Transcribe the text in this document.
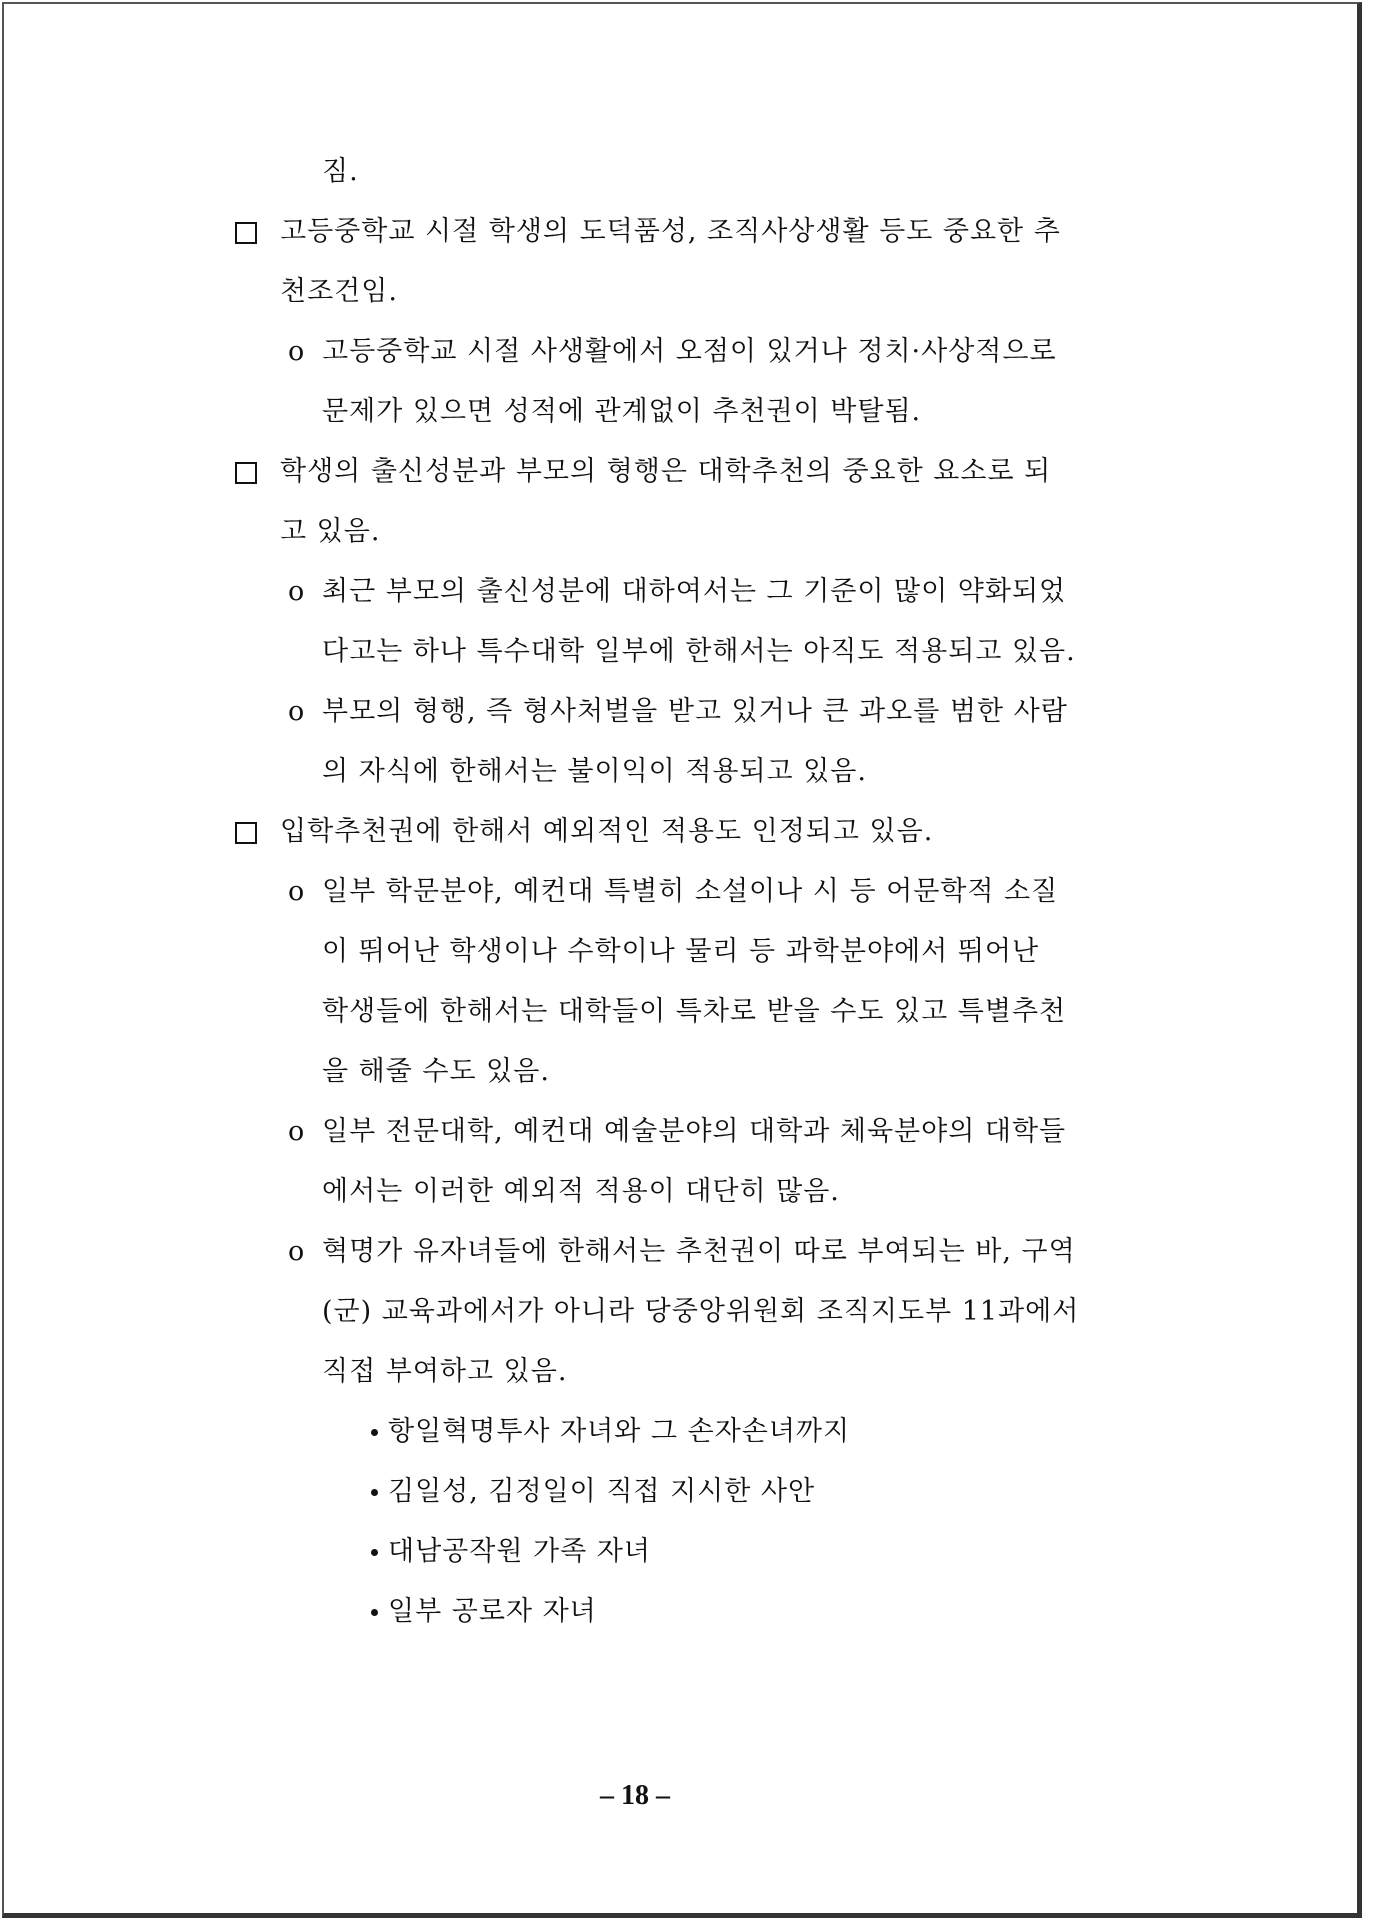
짐.
고등중학교 시절 학생의 도덕품성, 조직사상생활 등도 중요한 추
천조건임.
o 고등중학교 시절 사생활에서 오점이 있거나 정치·사상적으로
문제가 있으면 성적에 관계없이 추천권이 박탈됨.
학생의 출신성분과 부모의 형행은 대학추천의 중요한 요소로 되
고 있음.
o 최근 부모의 출신성분에 대하여서는 그 기준이 많이 약화되었
다고는 하나 특수대학 일부에 한해서는 아직도 적용되고 있음.
o 부모의 형행, 즉 형사처벌을 받고 있거나 큰 과오를 범한 사람
의 자식에 한해서는 불이익이 적용되고 있음.
입학추천권에 한해서 예외적인 적용도 인정되고 있음.
o 일부 학문분야, 예컨대 특별히 소설이나 시 등 어문학적 소질
이 뛰어난 학생이나 수학이나 물리 등 과학분야에서 뛰어난
학생들에 한해서는 대학들이 특차로 받을 수도 있고 특별추천
을 해줄 수도 있음.
o 일부 전문대학, 예컨대 예술분야의 대학과 체육분야의 대학들
에서는 이러한 예외적 적용이 대단히 많음.
o 혁명가 유자녀들에 한해서는 추천권이 따로 부여되는 바, 구역
(군) 교육과에서가 아니라 당중앙위원회 조직지도부 11과에서
직접 부여하고 있음.
항일혁명투사 자녀와 그 손자손녀까지
김일성, 김정일이 직접 지시한 사안
대남공작원 가족 자녀
일부 공로자 자녀
– 18 –
